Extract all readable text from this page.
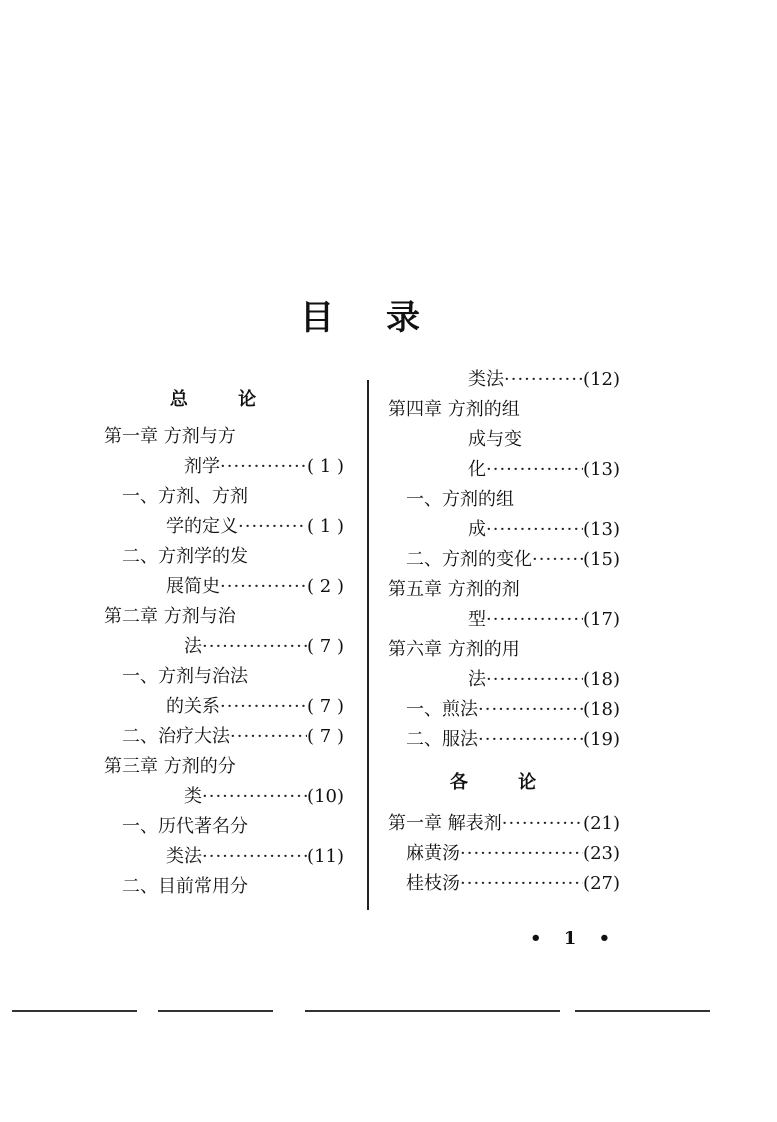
目 录
总 论
第一章 方剂与方
剂学 ·····	( 1 )
一、方剂、方剂
学的定义 ·····	( 1 )
二、方剂学的发
展简史 ·····	( 2 )
第二章 方剂与治
法 ·····	( 7 )
一、方剂与治法
的关系 ·····	( 7 )
二、治疗大法 ·····	( 7 )
第三章 方剂的分
类 ·····	(10)
一、历代著名分
类法 ·····	(11)
二、目前常用分
类法 ·····	(12)
第四章 方剂的组
成与变
化 ·····	(13)
一、方剂的组
成 ·····	(13)
二、方剂的变化 ·····	(15)
第五章 方剂的剂
型 ·····	(17)
第六章 方剂的用
法 ·····	(18)
一、煎法 ·····	(18)
二、服法 ·····	(19)
各 论
第一章 解表剂 ·····	(21)
麻黄汤 ·····	(23)
桂枝汤 ·····	(27)
• 1 •
